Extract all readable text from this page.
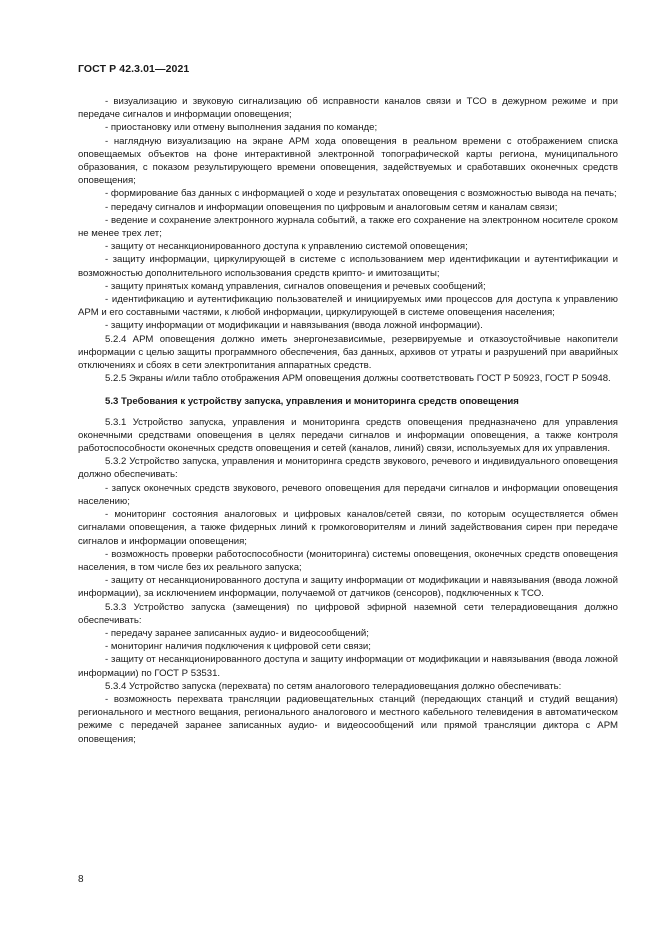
ГОСТ Р 42.3.01—2021

- визуализацию и звуковую сигнализацию об исправности каналов связи и ТСО в дежурном режиме и при передаче сигналов и информации оповещения;

- приостановку или отмену выполнения задания по команде;

- наглядную визуализацию на экране АРМ хода оповещения в реальном времени с отображением списка оповещаемых объектов на фоне интерактивной электронной топографической карты региона, муниципального образования, с показом результирующего времени оповещения, задействуемых и сработавших оконечных средств оповещения;

- формирование баз данных с информацией о ходе и результатах оповещения с возможностью вывода на печать;

- передачу сигналов и информации оповещения по цифровым и аналоговым сетям и каналам связи;

- ведение и сохранение электронного журнала событий, а также его сохранение на электронном носителе сроком не менее трех лет;

- защиту от несанкционированного доступа к управлению системой оповещения;

- защиту информации, циркулирующей в системе с использованием мер идентификации и аутентификации и возможностью дополнительного использования средств крипто- и имитозащиты;

- защиту принятых команд управления, сигналов оповещения и речевых сообщений;

- идентификацию и аутентификацию пользователей и инициируемых ими процессов для доступа к управлению АРМ и его составными частями, к любой информации, циркулирующей в системе оповещения населения;

- защиту информации от модификации и навязывания (ввода ложной информации).

5.2.4 АРМ оповещения должно иметь энергонезависимые, резервируемые и отказоустойчивые накопители информации с целью защиты программного обеспечения, баз данных, архивов от утраты и разрушений при аварийных отключениях и сбоях в сети электропитания аппаратных средств.

5.2.5 Экраны и/или табло отображения АРМ оповещения должны соответствовать ГОСТ Р 50923, ГОСТ Р 50948.

5.3 Требования к устройству запуска, управления и мониторинга средств оповещения

5.3.1 Устройство запуска, управления и мониторинга средств оповещения предназначено для управления оконечными средствами оповещения в целях передачи сигналов и информации оповещения, а также контроля работоспособности оконечных средств оповещения и сетей (каналов, линий) связи, используемых для их управления.

5.3.2 Устройство запуска, управления и мониторинга средств звукового, речевого и индивидуального оповещения должно обеспечивать:

- запуск оконечных средств звукового, речевого оповещения для передачи сигналов и информации оповещения населению;

- мониторинг состояния аналоговых и цифровых каналов/сетей связи, по которым осуществляется обмен сигналами оповещения, а также фидерных линий к громкоговорителям и линий задействования сирен при передаче сигналов и информации оповещения;

- возможность проверки работоспособности (мониторинга) системы оповещения, оконечных средств оповещения населения, в том числе без их реального запуска;

- защиту от несанкционированного доступа и защиту информации от модификации и навязывания (ввода ложной информации), за исключением информации, получаемой от датчиков (сенсоров), подключенных к ТСО.

5.3.3 Устройство запуска (замещения) по цифровой эфирной наземной сети телерадиовещания должно обеспечивать:

- передачу заранее записанных аудио- и видеосообщений;

- мониторинг наличия подключения к цифровой сети связи;

- защиту от несанкционированного доступа и защиту информации от модификации и навязывания (ввода ложной информации) по ГОСТ Р 53531.

5.3.4 Устройство запуска (перехвата) по сетям аналогового телерадиовещания должно обеспечивать:

- возможность перехвата трансляции радиовещательных станций (передающих станций и студий вещания) регионального и местного вещания, регионального аналогового и местного кабельного телевидения в автоматическом режиме с передачей заранее записанных аудио- и видеосообщений или прямой трансляции диктора с АРМ оповещения;

8
